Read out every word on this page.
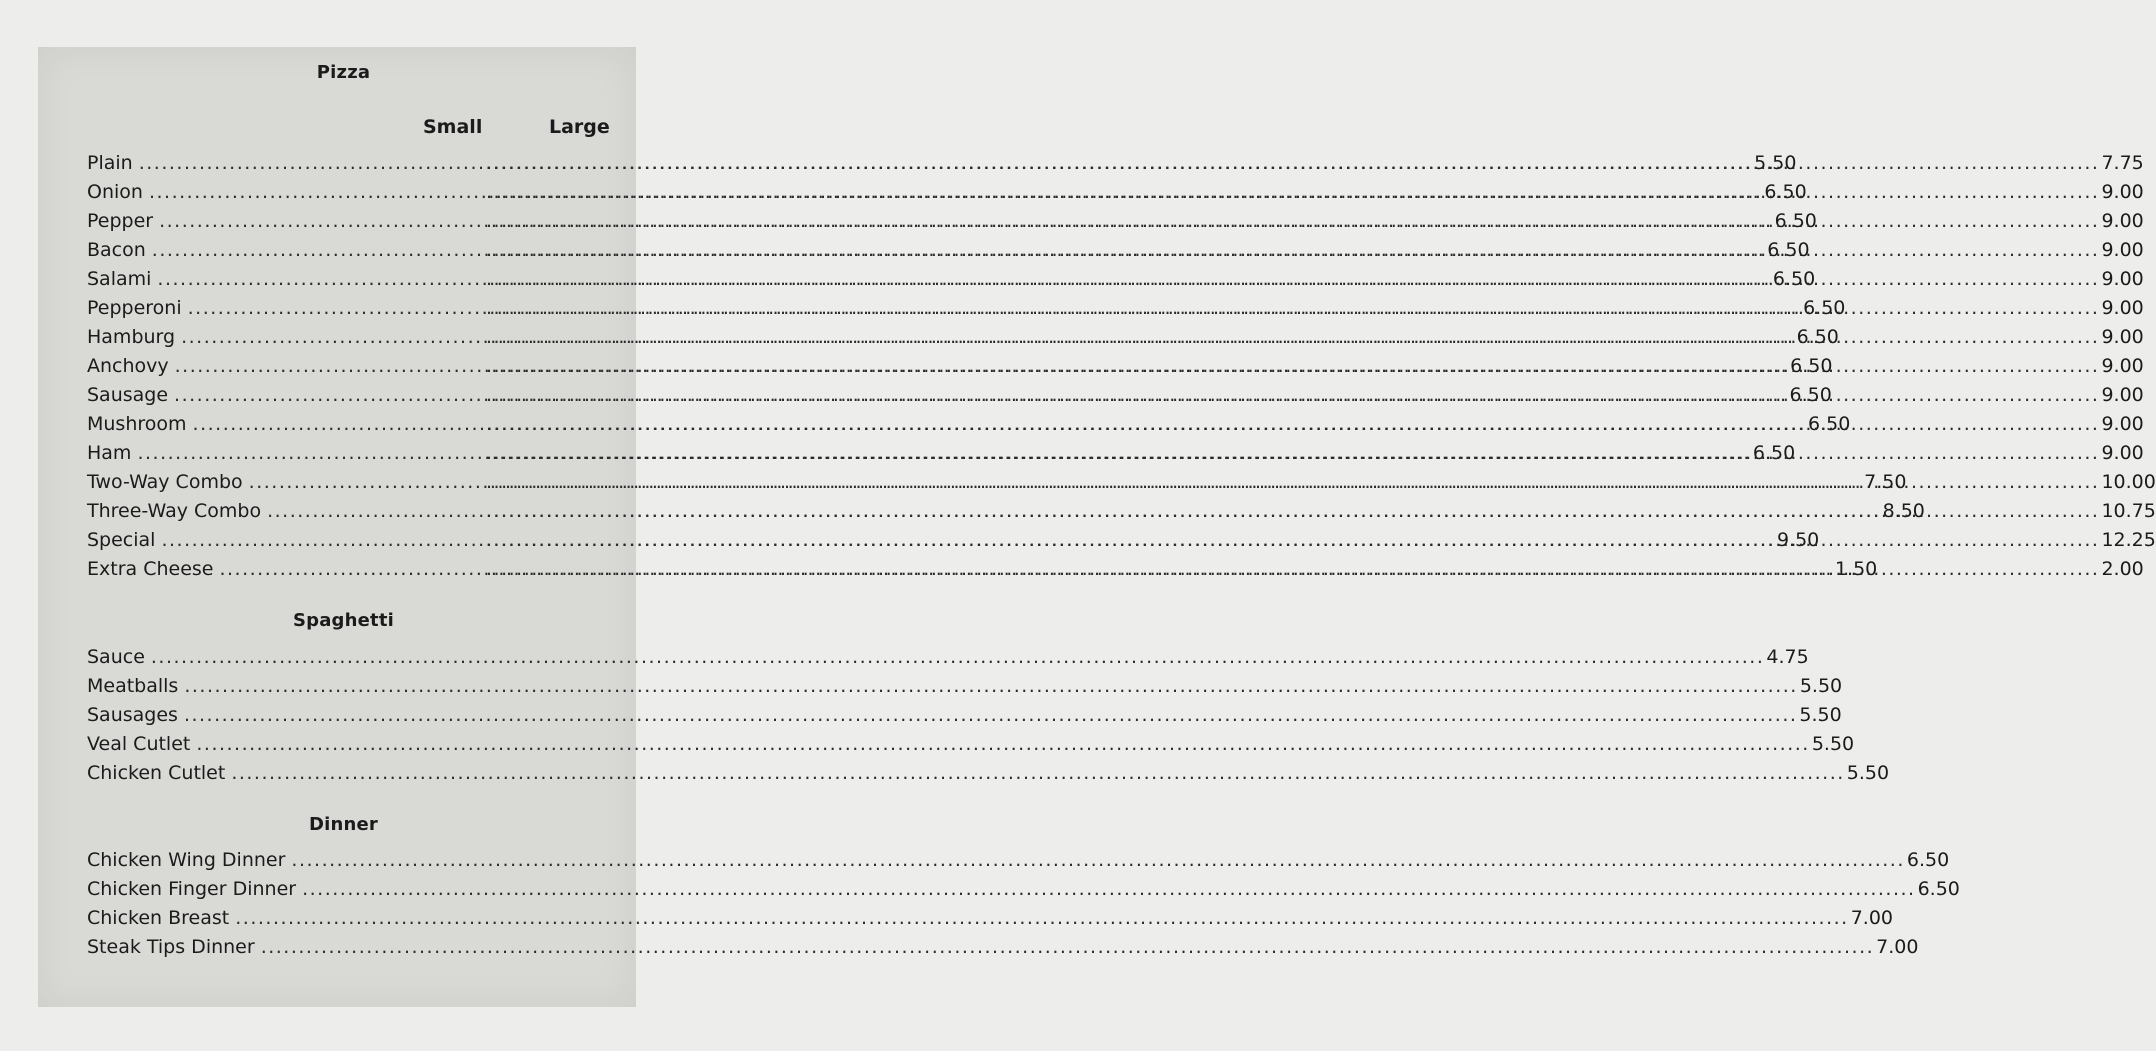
Pizza
Small	Large
Plain .....	5.50 .....	7.75
Onion .....	6.50 .....	9.00
Pepper .....	6.50 .....	9.00
Bacon .....	6.50 .....	9.00
Salami .....	6.50 .....	9.00
Pepperoni .....	6.50 .....	9.00
Hamburg .....	6.50 .....	9.00
Anchovy .....	6.50 .....	9.00
Sausage .....	6.50 .....	9.00
Mushroom .....	6.50 .....	9.00
Ham .....	6.50 .....	9.00
Two-Way Combo .....	7.50 .....	10.00
Three-Way Combo .....	8.50 .....	10.75
Special .....	9.50 .....	12.25
Extra Cheese .....	1.50 .....	2.00
Spaghetti
Sauce .....	4.75
Meatballs .....	5.50
Sausages .....	5.50
Veal Cutlet .....	5.50
Chicken Cutlet .....	5.50
Dinner
Chicken Wing Dinner .....	6.50
Chicken Finger Dinner .....	6.50
Chicken Breast .....	7.00
Steak Tips Dinner .....	7.00
